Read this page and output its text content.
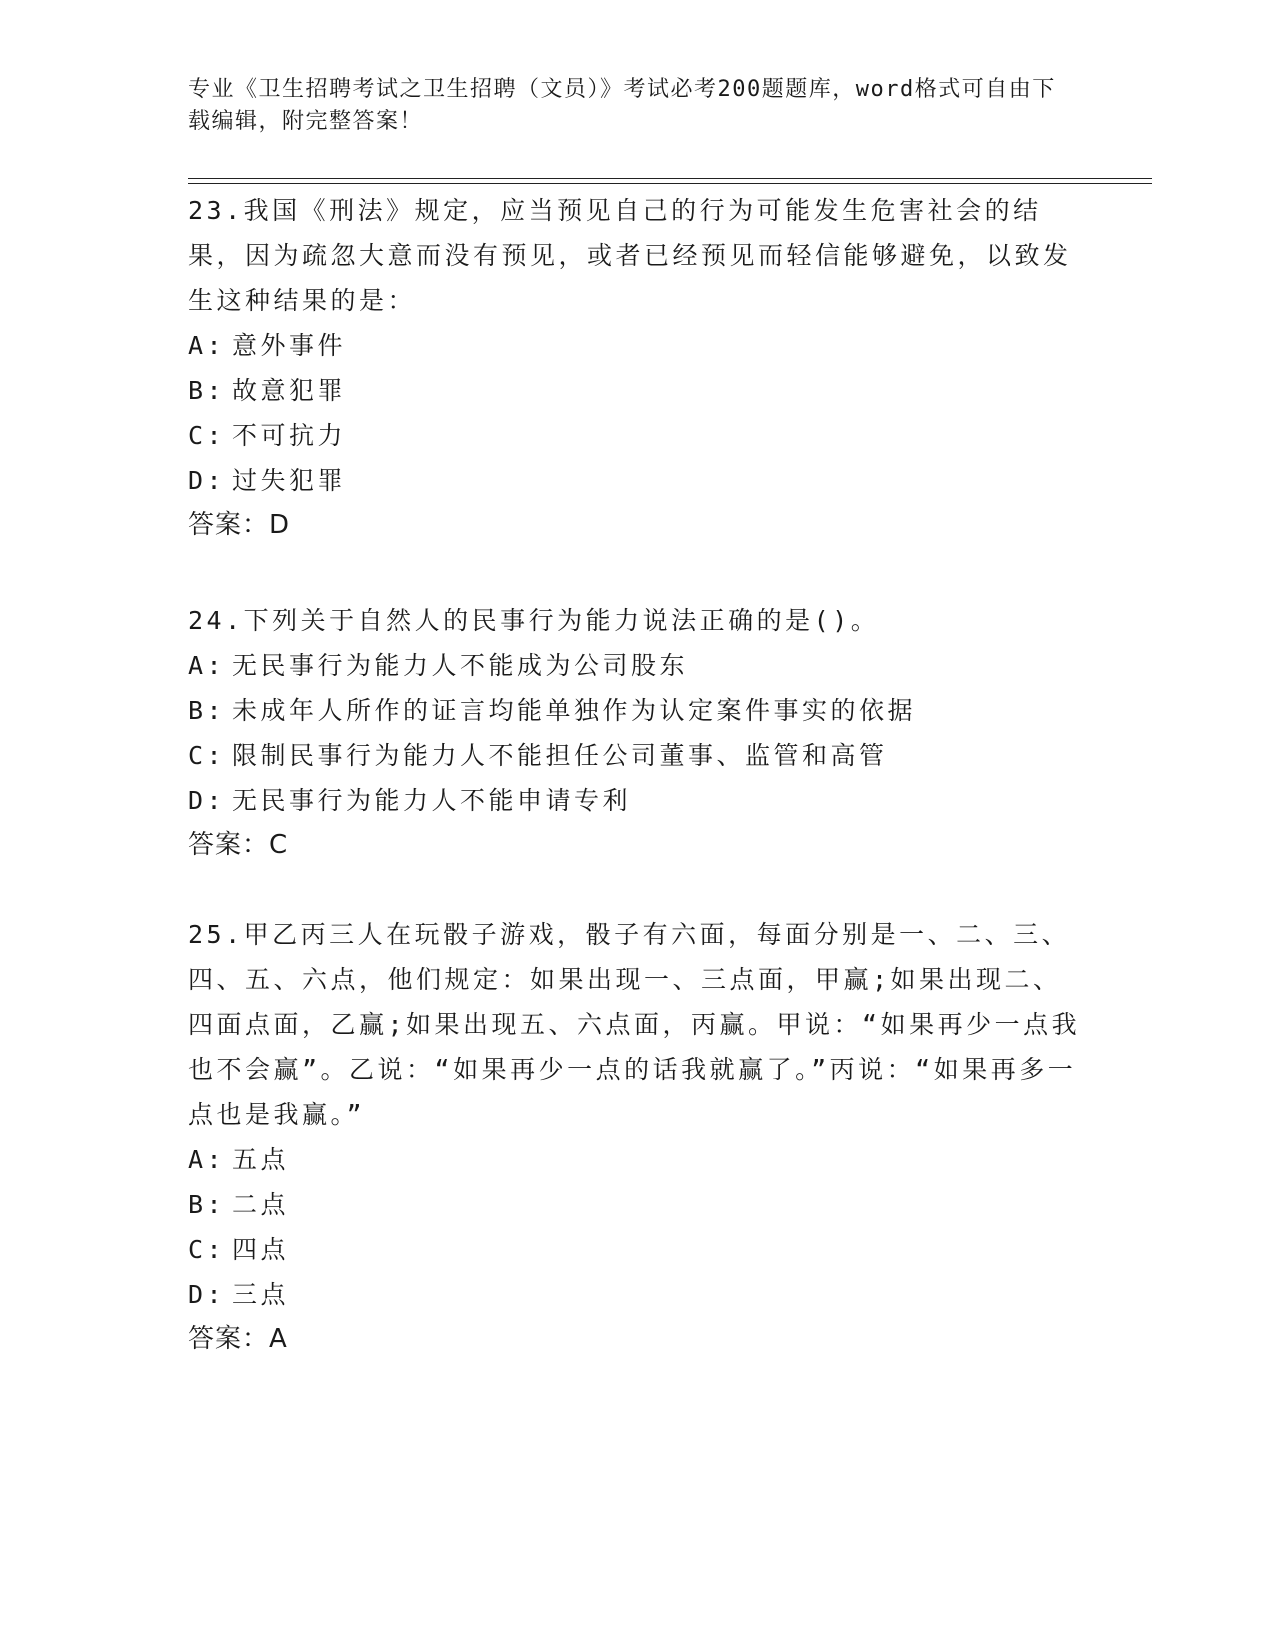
专业《卫生招聘考试之卫生招聘（文员）》考试必考200题题库，word格式可自由下载编辑，附完整答案！

23.我国《刑法》规定，应当预见自己的行为可能发生危害社会的结果，因为疏忽大意而没有预见，或者已经预见而轻信能够避免，以致发生这种结果的是：

A: 意外事件

B: 故意犯罪

C: 不可抗力

D: 过失犯罪

答案：D

24.下列关于自然人的民事行为能力说法正确的是()。

A: 无民事行为能力人不能成为公司股东

B: 未成年人所作的证言均能单独作为认定案件事实的依据

C: 限制民事行为能力人不能担任公司董事、监管和高管

D: 无民事行为能力人不能申请专利

答案：C

25.甲乙丙三人在玩骰子游戏，骰子有六面，每面分别是一、二、三、四、五、六点，他们规定：如果出现一、三点面，甲赢;如果出现二、四面点面，乙赢;如果出现五、六点面，丙赢。甲说：“如果再少一点我也不会赢”。乙说：“如果再少一点的话我就赢了。”丙说：“如果再多一点也是我赢。”

A: 五点

B: 二点

C: 四点

D: 三点

答案：A
